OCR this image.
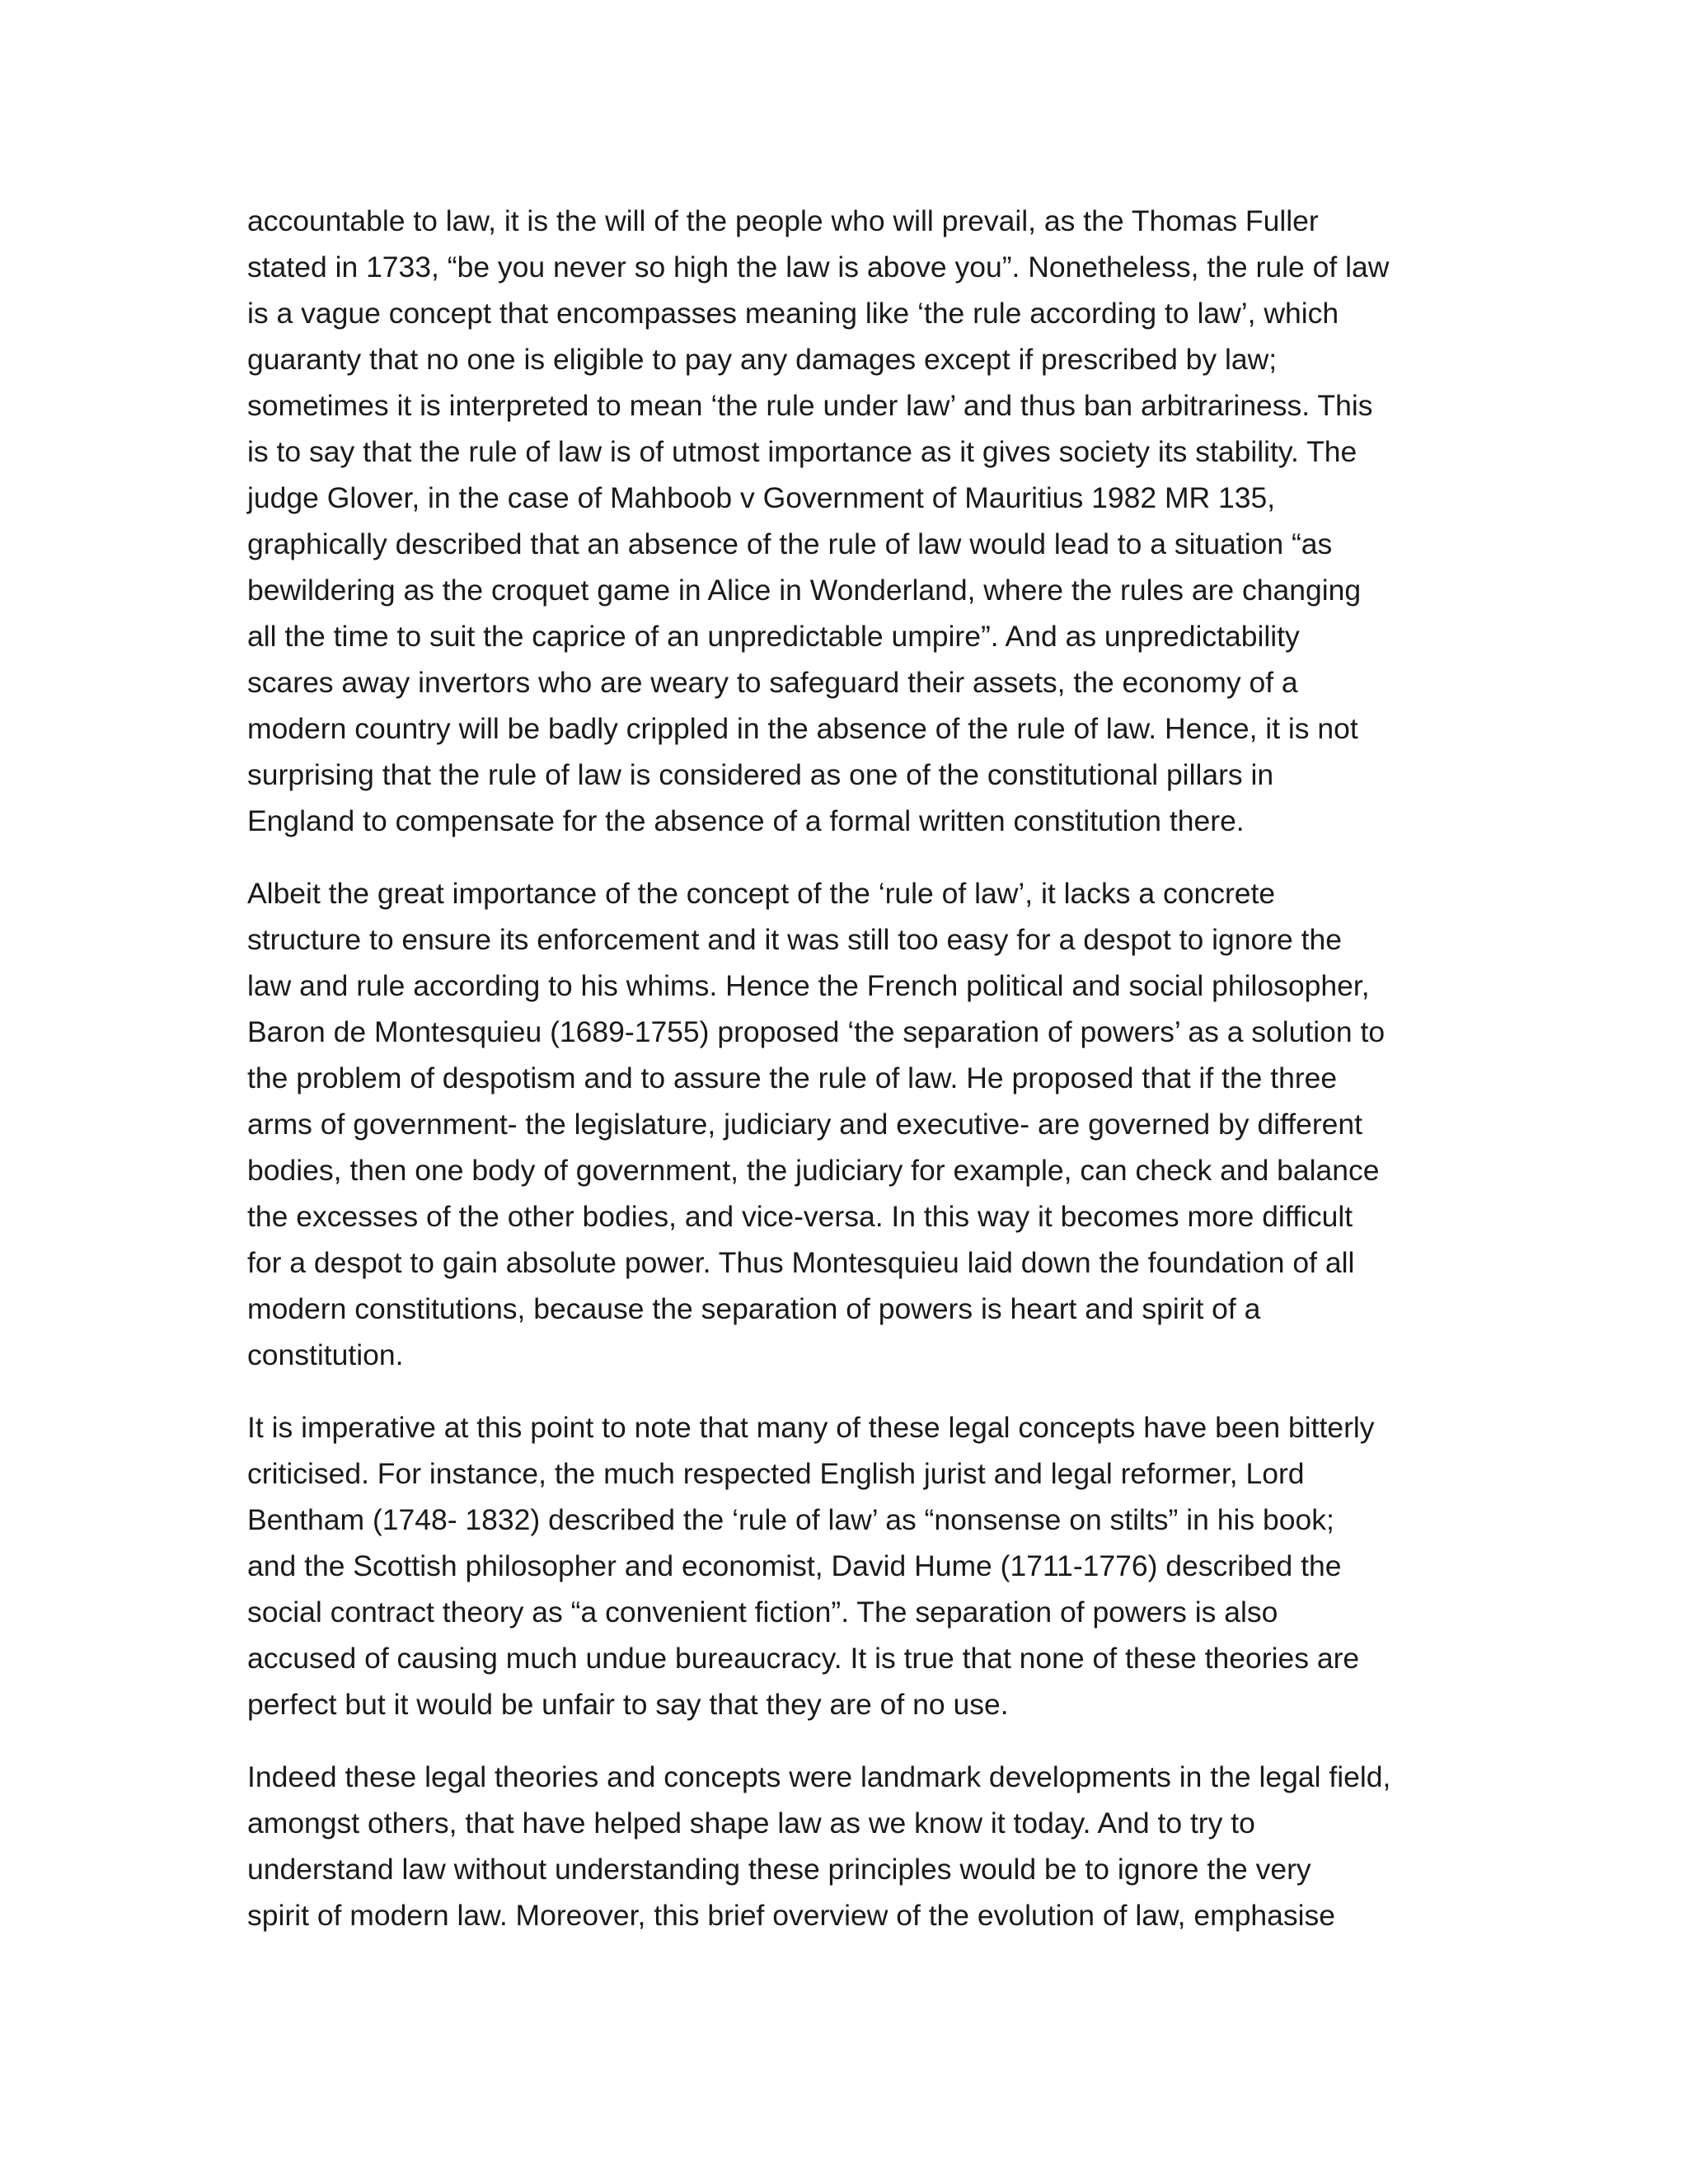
accountable to law, it is the will of the people who will prevail, as the Thomas Fuller
stated in 1733, “be you never so high the law is above you”. Nonetheless, the rule of law
is a vague concept that encompasses meaning like ‘the rule according to law’, which
guaranty that no one is eligible to pay any damages except if prescribed by law;
sometimes it is interpreted to mean ‘the rule under law’ and thus ban arbitrariness. This
is to say that the rule of law is of utmost importance as it gives society its stability. The
judge Glover, in the case of Mahboob v Government of Mauritius 1982 MR 135,
graphically described that an absence of the rule of law would lead to a situation “as
bewildering as the croquet game in Alice in Wonderland, where the rules are changing
all the time to suit the caprice of an unpredictable umpire”. And as unpredictability
scares away invertors who are weary to safeguard their assets, the economy of a
modern country will be badly crippled in the absence of the rule of law. Hence, it is not
surprising that the rule of law is considered as one of the constitutional pillars in
England to compensate for the absence of a formal written constitution there.

Albeit the great importance of the concept of the ‘rule of law’, it lacks a concrete
structure to ensure its enforcement and it was still too easy for a despot to ignore the
law and rule according to his whims. Hence the French political and social philosopher,
Baron de Montesquieu (1689-1755) proposed ‘the separation of powers’ as a solution to
the problem of despotism and to assure the rule of law. He proposed that if the three
arms of government- the legislature, judiciary and executive- are governed by different
bodies, then one body of government, the judiciary for example, can check and balance
the excesses of the other bodies, and vice-versa. In this way it becomes more difficult
for a despot to gain absolute power. Thus Montesquieu laid down the foundation of all
modern constitutions, because the separation of powers is heart and spirit of a
constitution.

It is imperative at this point to note that many of these legal concepts have been bitterly
criticised. For instance, the much respected English jurist and legal reformer, Lord
Bentham (1748- 1832) described the ‘rule of law’ as “nonsense on stilts” in his book;
and the Scottish philosopher and economist, David Hume (1711-1776) described the
social contract theory as “a convenient fiction”. The separation of powers is also
accused of causing much undue bureaucracy. It is true that none of these theories are
perfect but it would be unfair to say that they are of no use.

Indeed these legal theories and concepts were landmark developments in the legal field,
amongst others, that have helped shape law as we know it today. And to try to
understand law without understanding these principles would be to ignore the very
spirit of modern law. Moreover, this brief overview of the evolution of law, emphasise
